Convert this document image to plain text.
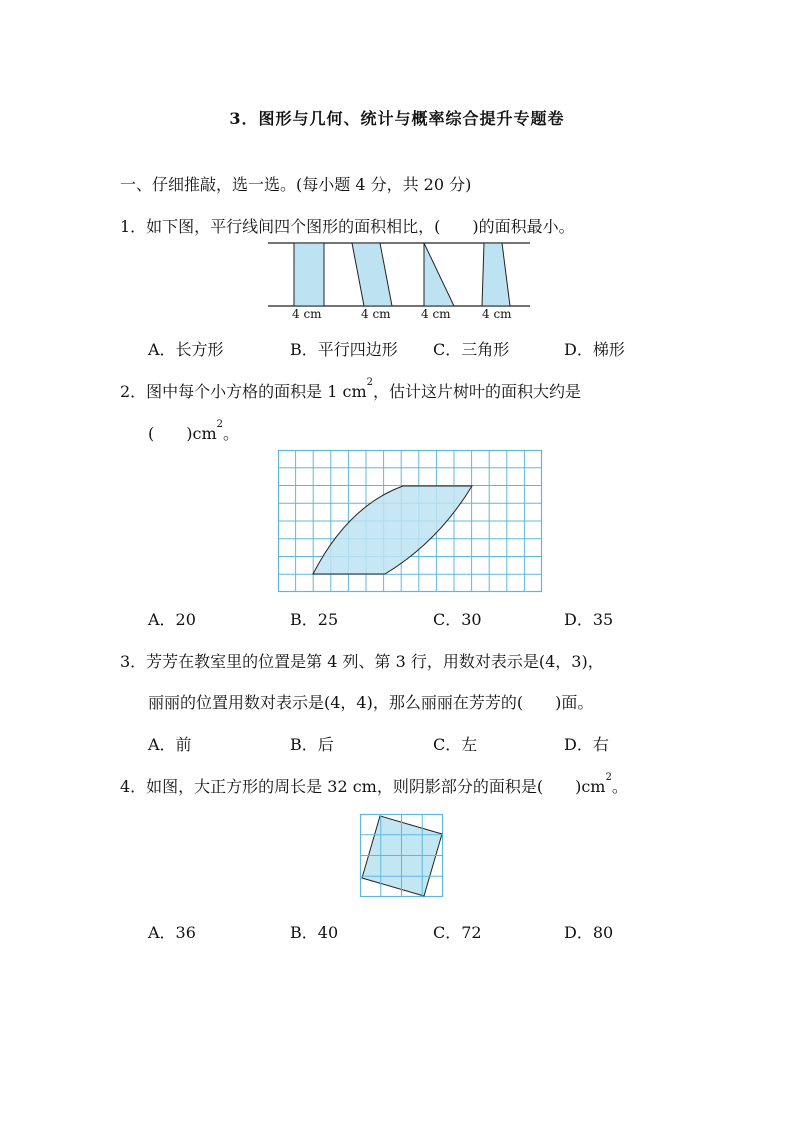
3．图形与几何、统计与概率综合提升专题卷
一、仔细推敲，选一选。(每小题 4 分，共 20 分)
1．如下图，平行线间四个图形的面积相比，(　　)的面积最小。
4 cm	4 cm	4 cm	4 cm
A．长方形	B．平行四边形 C．三角形	D．梯形
2．图中每个小方格的面积是 1 $cm^2$，估计这片树叶的面积大约是
(　　)$cm^2$。
A．20	B．25	C．30	D．35
3．芳芳在教室里的位置是第 4 列、第 3 行，用数对表示是(4，3)，
丽丽的位置用数对表示是(4，4)，那么丽丽在芳芳的(　　)面。
A．前	B．后	C．左	D．右
4．如图，大正方形的周长是 32 cm，则阴影部分的面积是(　　)$cm^2$。
A．36	B．40	C．72	D．80
